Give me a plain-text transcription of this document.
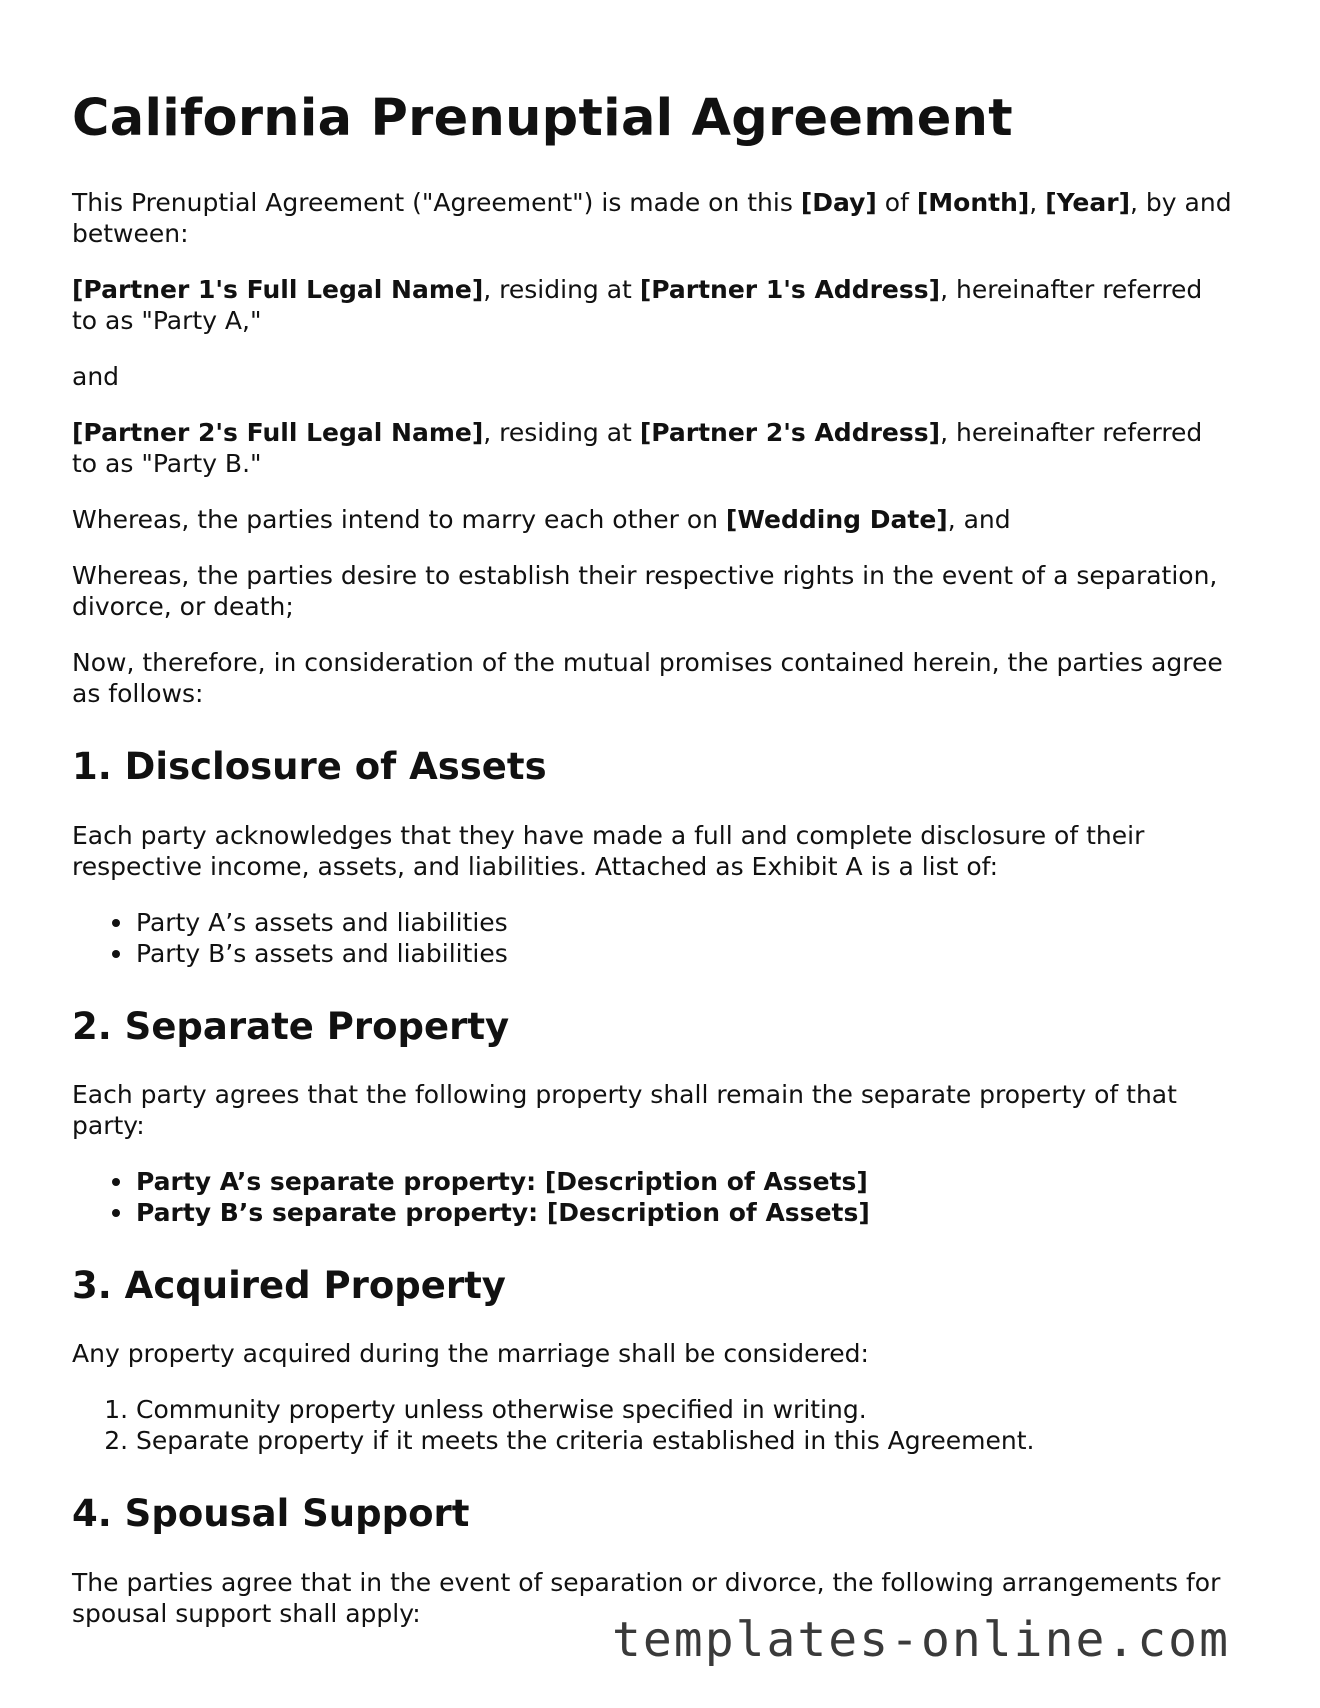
California Prenuptial Agreement

This Prenuptial Agreement ("Agreement") is made on this [Day] of [Month], [Year], by and between:

[Partner 1's Full Legal Name], residing at [Partner 1's Address], hereinafter referred to as "Party A,"

and

[Partner 2's Full Legal Name], residing at [Partner 2's Address], hereinafter referred to as "Party B."

Whereas, the parties intend to marry each other on [Wedding Date], and

Whereas, the parties desire to establish their respective rights in the event of a separation, divorce, or death;

Now, therefore, in consideration of the mutual promises contained herein, the parties agree as follows:

1. Disclosure of Assets

Each party acknowledges that they have made a full and complete disclosure of their respective income, assets, and liabilities. Attached as Exhibit A is a list of:

Party A’s assets and liabilities
Party B’s assets and liabilities
2. Separate Property

Each party agrees that the following property shall remain the separate property of that party:

Party A’s separate property: [Description of Assets]
Party B’s separate property: [Description of Assets]
3. Acquired Property

Any property acquired during the marriage shall be considered:

1. Community property unless otherwise specified in writing.
2. Separate property if it meets the criteria established in this Agreement.
4. Spousal Support

The parties agree that in the event of separation or divorce, the following arrangements for spousal support shall apply:	templates-online.com
